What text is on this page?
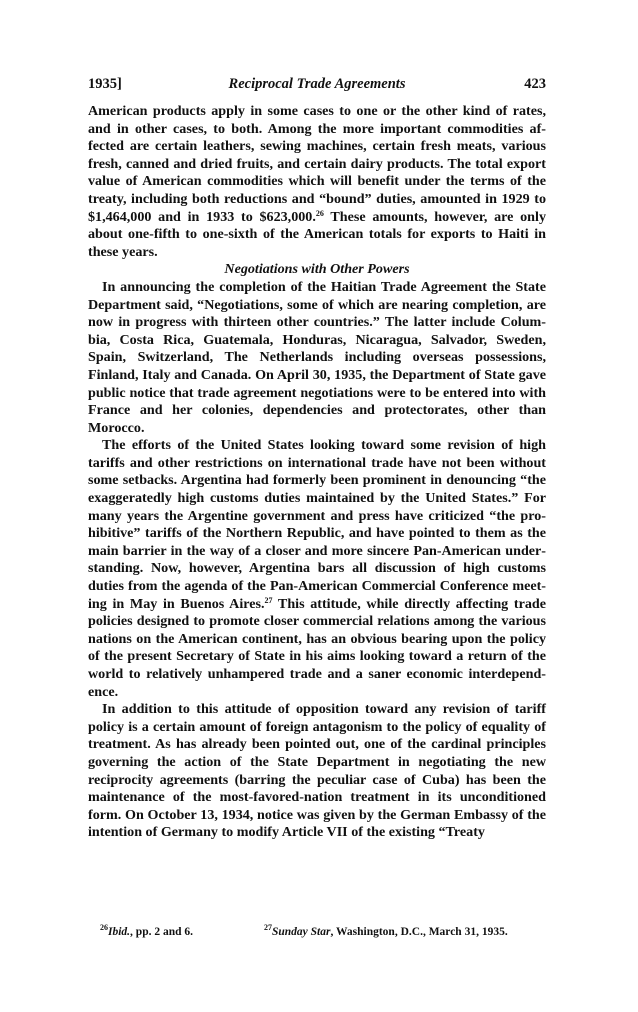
1935]	Reciprocal Trade Agreements	423

American products apply in some cases to one or the other kind of rates, and in other cases, to both. Among the more important commodities affected are certain leathers, sewing machines, certain fresh meats, various fresh, canned and dried fruits, and certain dairy products. The total export value of American commodities which will benefit under the terms of the treaty, including both reductions and “bound” duties, amounted in 1929 to $1,464,000 and in 1933 to $623,000.26 These amounts, however, are only about one-fifth to one-sixth of the American totals for exports to Haiti in these years.

Negotiations with Other Powers

In announcing the completion of the Haitian Trade Agreement the State Department said, “Negotiations, some of which are nearing completion, are now in progress with thirteen other countries.” The latter include Columbia, Costa Rica, Guatemala, Honduras, Nicaragua, Salvador, Sweden, Spain, Switzerland, The Netherlands including overseas possessions, Finland, Italy and Canada. On April 30, 1935, the Department of State gave public notice that trade agreement negotiations were to be entered into with France and her colonies, dependencies and protectorates, other than Morocco.

The efforts of the United States looking toward some revision of high tariffs and other restrictions on international trade have not been without some setbacks. Argentina had formerly been prominent in denouncing “the exaggeratedly high customs duties maintained by the United States.” For many years the Argentine government and press have criticized “the prohibitive” tariffs of the Northern Republic, and have pointed to them as the main barrier in the way of a closer and more sincere Pan-American understanding. Now, however, Argentina bars all discussion of high customs duties from the agenda of the Pan-American Commercial Conference meeting in May in Buenos Aires.$^{27}$ This attitude, while directly affecting trade policies designed to promote closer commercial relations among the various nations on the American continent, has an obvious bearing upon the policy of the present Secretary of State in his aims looking toward a return of the world to relatively unhampered trade and a saner economic interdependence.

In addition to this attitude of opposition toward any revision of tariff policy is a certain amount of foreign antagonism to the policy of equality of treatment. As has already been pointed out, one of the cardinal principles governing the action of the State Department in negotiating the new reciprocity agreements (barring the peculiar case of Cuba) has been the maintenance of the most-favored-nation treatment in its unconditioned form. On October 13, 1934, notice was given by the German Embassy of the intention of Germany to modify Article VII of the existing “Treaty

$^{26}$Ibid., pp. 2 and 6.	$^{27}$Sunday Star, Washington, D.C., March 31, 1935.
